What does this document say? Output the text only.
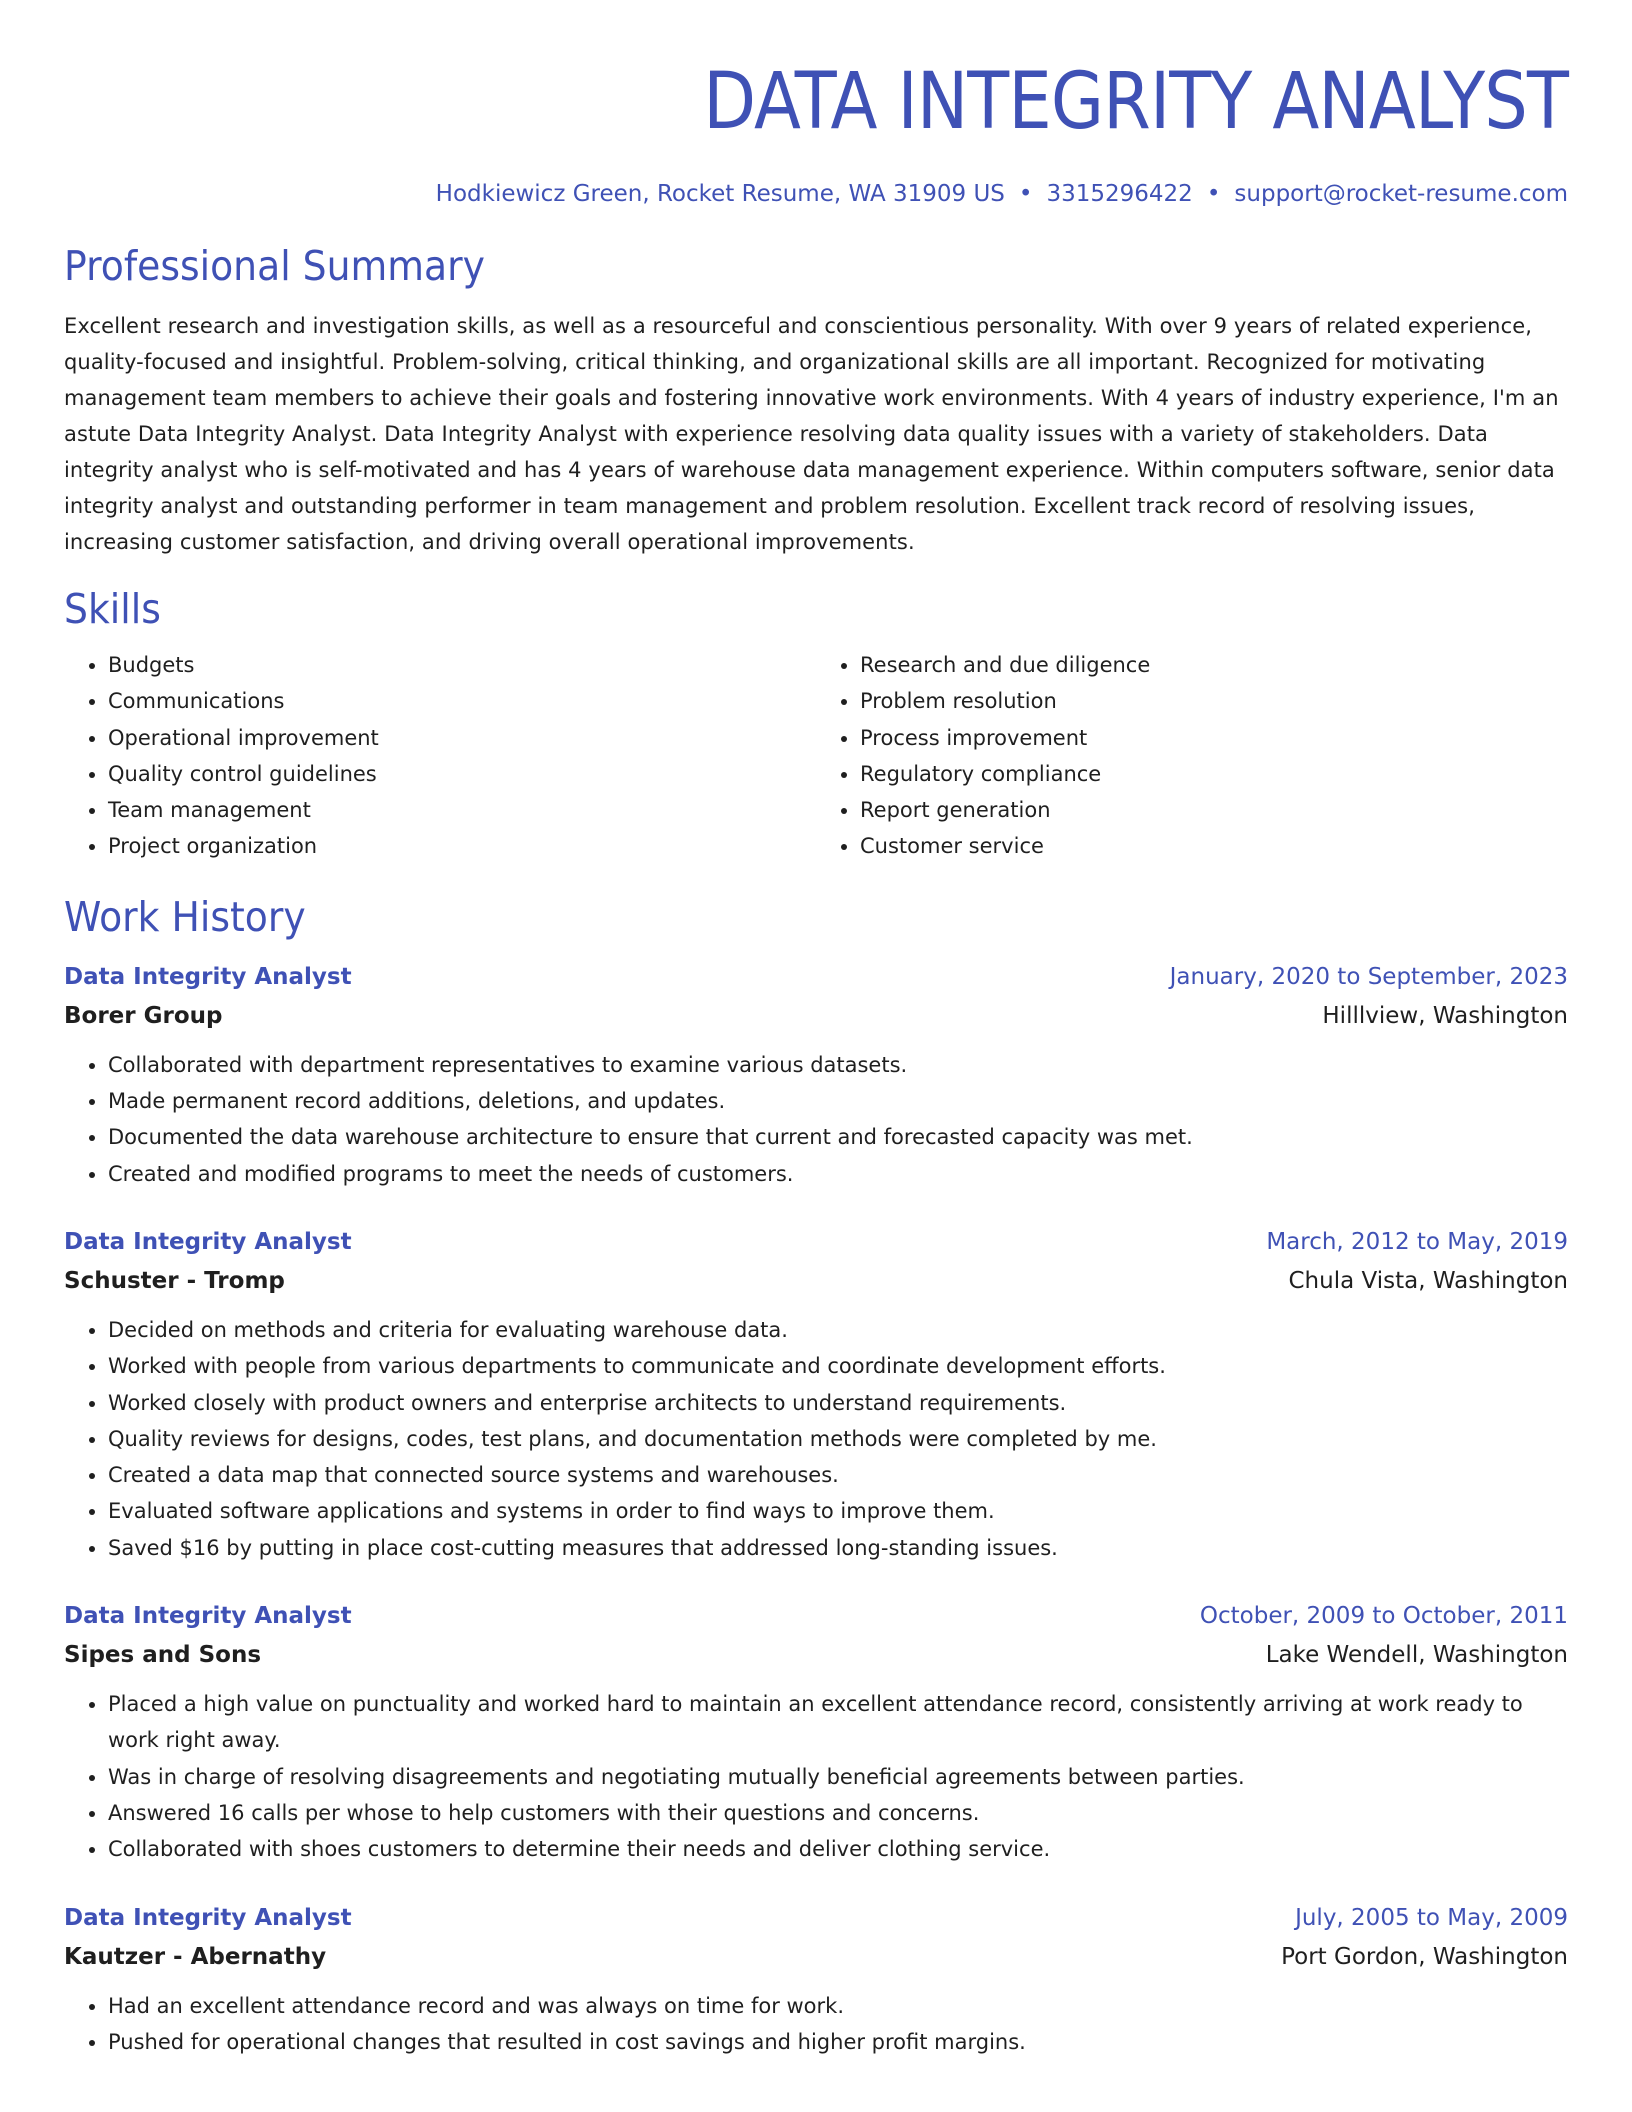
DATA INTEGRITY ANALYST
Hodkiewicz Green, Rocket Resume, WA 31909 US • 3315296422 • support@rocket-resume.com
Professional Summary

Excellent research and investigation skills, as well as a resourceful and conscientious personality. With over 9 years of related experience, quality-focused and insightful. Problem-solving, critical thinking, and organizational skills are all important. Recognized for motivating management team members to achieve their goals and fostering innovative work environments. With 4 years of industry experience, I'm an astute Data Integrity Analyst. Data Integrity Analyst with experience resolving data quality issues with a variety of stakeholders. Data integrity analyst who is self-motivated and has 4 years of warehouse data management experience. Within computers software, senior data integrity analyst and outstanding performer in team management and problem resolution. Excellent track record of resolving issues, increasing customer satisfaction, and driving overall operational improvements.

Skills
• Budgets
• Communications
• Operational improvement
• Quality control guidelines
• Team management
• Project organization
• Research and due diligence
• Problem resolution
• Process improvement
• Regulatory compliance
• Report generation
• Customer service
Work History
Data Integrity Analyst	January, 2020 to September, 2023
Borer Group	Hilllview, Washington
• Collaborated with department representatives to examine various datasets.
• Made permanent record additions, deletions, and updates.
• Documented the data warehouse architecture to ensure that current and forecasted capacity was met.
• Created and modified programs to meet the needs of customers.
Data Integrity Analyst	March, 2012 to May, 2019
Schuster - Tromp	Chula Vista, Washington
• Decided on methods and criteria for evaluating warehouse data.
• Worked with people from various departments to communicate and coordinate development efforts.
• Worked closely with product owners and enterprise architects to understand requirements.
• Quality reviews for designs, codes, test plans, and documentation methods were completed by me.
• Created a data map that connected source systems and warehouses.
• Evaluated software applications and systems in order to find ways to improve them.
• Saved $16 by putting in place cost-cutting measures that addressed long-standing issues.
Data Integrity Analyst	October, 2009 to October, 2011
Sipes and Sons	Lake Wendell, Washington
• Placed a high value on punctuality and worked hard to maintain an excellent attendance record, consistently arriving at work ready to work right away.
• Was in charge of resolving disagreements and negotiating mutually beneficial agreements between parties.
• Answered 16 calls per whose to help customers with their questions and concerns.
• Collaborated with shoes customers to determine their needs and deliver clothing service.
Data Integrity Analyst	July, 2005 to May, 2009
Kautzer - Abernathy	Port Gordon, Washington
• Had an excellent attendance record and was always on time for work.
• Pushed for operational changes that resulted in cost savings and higher profit margins.
